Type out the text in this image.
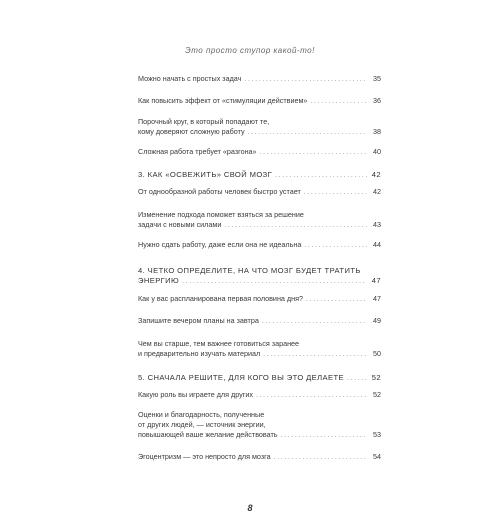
Это просто ступор какой-то!
Можно начать с простых задач . . .	35
Как повысить эффект от «стимуляции действием» . . .	36
Порочный круг, в который попадают те,
кому доверяют сложную работу . . .	38
Сложная работа требует «разгона» . . .	40
3. КАК «ОСВЕЖИТЬ» СВОЙ МОЗГ . . .	42
От однообразной работы человек быстро устает . . .	42
Изменение подхода поможет взяться за решение
задачи с новыми силами . . .	43
Нужно сдать работу, даже если она не идеальна . . .	44
4. ЧЕТКО ОПРЕДЕЛИТЕ, НА ЧТО МОЗГ БУДЕТ ТРАТИТЬ
ЭНЕРГИЮ . . .	47
Как у вас распланирована первая половина дня? . . .	47
Запишите вечером планы на завтра . . .	49
Чем вы старше, тем важнее готовиться заранее
и предварительно изучать материал . . .	50
5. СНАЧАЛА РЕШИТЕ, ДЛЯ КОГО ВЫ ЭТО ДЕЛАЕТЕ . . .	52
Какую роль вы играете для других . . .	52
Оценки и благодарность, полученные
от других людей, — источник энергии,
повышающей ваше желание действовать . . .	53
Эгоцентризм — это непросто для мозга . . .	54
8
